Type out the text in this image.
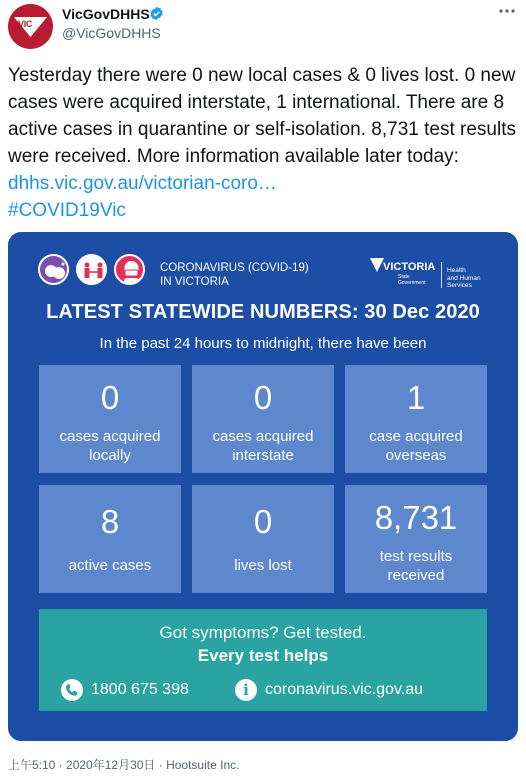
VIC
VicGovDHHS
@VicGovDHHS
Yesterday there were 0 new local cases & 0 lives lost. 0 new cases were acquired interstate, 1 international. There are 8 active cases in quarantine or self-isolation. 8,731 test results were received. More information available later today: dhhs.vic.gov.au/victorian-coro…
#COVID19Vic
CORONAVIRUS (COVID-19)
IN VICTORIA
VICTORIA
State
Government
Health
and Human
Services
LATEST STATEWIDE NUMBERS: 30 Dec 2020
In the past 24 hours to midnight, there have been
0
cases acquired
locally
0
cases acquired
interstate
1
case acquired
overseas
8
active cases
0
lives lost
8,731
test results
received
Got symptoms? Get tested.
Every test helps
1800 675 398	i	coronavirus.vic.gov.au
上午5:10 · 2020年12月30日 · Hootsuite Inc.
